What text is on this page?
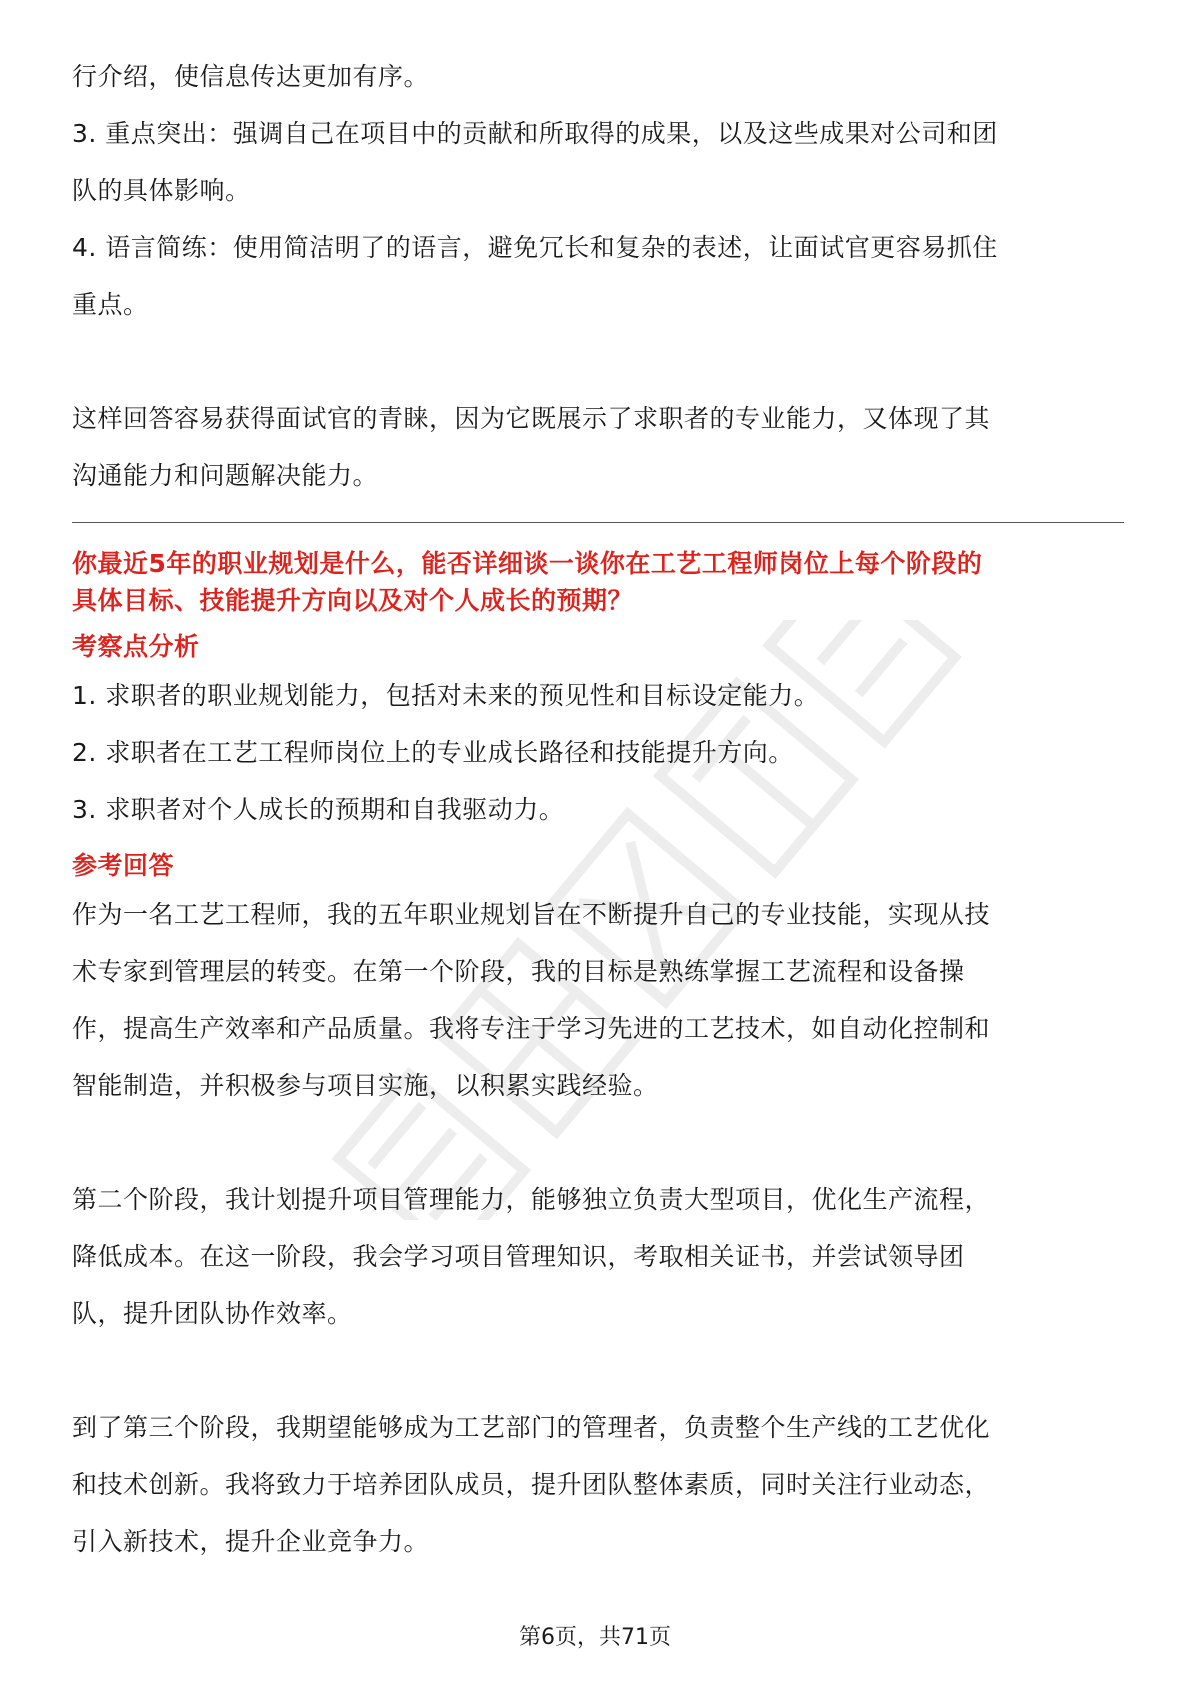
行介绍，使信息传达更加有序。

3. 重点突出：强调自己在项目中的贡献和所取得的成果，以及这些成果对公司和团

队的具体影响。

4. 语言简练：使用简洁明了的语言，避免冗长和复杂的表述，让面试官更容易抓住

重点。

这样回答容易获得面试官的青睐，因为它既展示了求职者的专业能力，又体现了其

沟通能力和问题解决能力。

你最近5年的职业规划是什么，能否详细谈一谈你在工艺工程师岗位上每个阶段的

具体目标、技能提升方向以及对个人成长的预期？

考察点分析

1. 求职者的职业规划能力，包括对未来的预见性和目标设定能力。

2. 求职者在工艺工程师岗位上的专业成长路径和技能提升方向。

3. 求职者对个人成长的预期和自我驱动力。

参考回答

作为一名工艺工程师，我的五年职业规划旨在不断提升自己的专业技能，实现从技

术专家到管理层的转变。在第一个阶段，我的目标是熟练掌握工艺流程和设备操

作，提高生产效率和产品质量。我将专注于学习先进的工艺技术，如自动化控制和

智能制造，并积极参与项目实施，以积累实践经验。

第二个阶段，我计划提升项目管理能力，能够独立负责大型项目，优化生产流程，

降低成本。在这一阶段，我会学习项目管理知识，考取相关证书，并尝试领导团

队，提升团队协作效率。

到了第三个阶段，我期望能够成为工艺部门的管理者，负责整个生产线的工艺优化

和技术创新。我将致力于培养团队成员，提升团队整体素质，同时关注行业动态，

引入新技术，提升企业竞争力。

第6页，共71页
